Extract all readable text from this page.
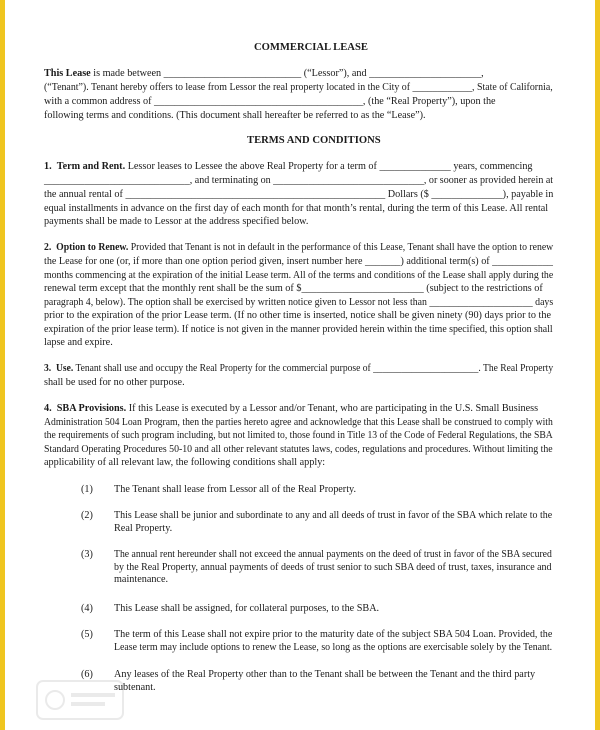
COMMERCIAL LEASE

This Lease is made between ___________________________ (“Lessor”), and ______________________,

(“Tenant”). Tenant hereby offers to lease from Lessor the real property located in the City of ____________, State of California,

with a common address of _________________________________________, (the “Real Property”), upon the

following terms and conditions. (This document shall hereafter be referred to as the “Lease”).

TERMS AND CONDITIONS

1. Term and Rent. Lessor leases to Lessee the above Real Property for a term of ______________ years, commencing

_____________________________, and terminating on ______________________________, or sooner as provided herein at

the annual rental of ___________________________________________________ Dollars ($ ______________), payable in

equal installments in advance on the first day of each month for that month’s rental, during the term of this Lease. All rental

payments shall be made to Lessor at the address specified below.

2. Option to Renew. Provided that Tenant is not in default in the performance of this Lease, Tenant shall have the option to renew

the Lease for one (or, if more than one option period given, insert number here _______) additional term(s) of ____________

months commencing at the expiration of the initial Lease term. All of the terms and conditions of the Lease shall apply during the

renewal term except that the monthly rent shall be the sum of $________________________ (subject to the restrictions of

paragraph 4, below). The option shall be exercised by written notice given to Lessor not less than _____________________ days

prior to the expiration of the prior Lease term. (If no other time is inserted, notice shall be given ninety (90) days prior to the

expiration of the prior lease term). If notice is not given in the manner provided herein within the time specified, this option shall

lapse and expire.

3. Use. Tenant shall use and occupy the Real Property for the commercial purpose of ______________________. The Real Property

shall be used for no other purpose.

4. SBA Provisions. If this Lease is executed by a Lessor and/or Tenant, who are participating in the U.S. Small Business

Administration 504 Loan Program, then the parties hereto agree and acknowledge that this Lease shall be construed to comply with

the requirements of such program including, but not limited to, those found in Title 13 of the Code of Federal Regulations, the SBA

Standard Operating Procedures 50-10 and all other relevant statutes laws, codes, regulations and procedures. Without limiting the

applicability of all relevant law, the following conditions shall apply:

(1) The Tenant shall lease from Lessor all of the Real Property.
(2) This Lease shall be junior and subordinate to any and all deeds of trust in favor of the SBA which relate to the
Real Property.
(3) The annual rent hereunder shall not exceed the annual payments on the deed of trust in favor of the SBA secured
by the Real Property, annual payments of deeds of trust senior to such SBA deed of trust, taxes, insurance and
maintenance.
(4) This Lease shall be assigned, for collateral purposes, to the SBA.
(5) The term of this Lease shall not expire prior to the maturity date of the subject SBA 504 Loan. Provided, the
Lease term may include options to renew the Lease, so long as the options are exercisable solely by the Tenant.
(6) Any leases of the Real Property other than to the Tenant shall be between the Tenant and the third party
subtenant.
